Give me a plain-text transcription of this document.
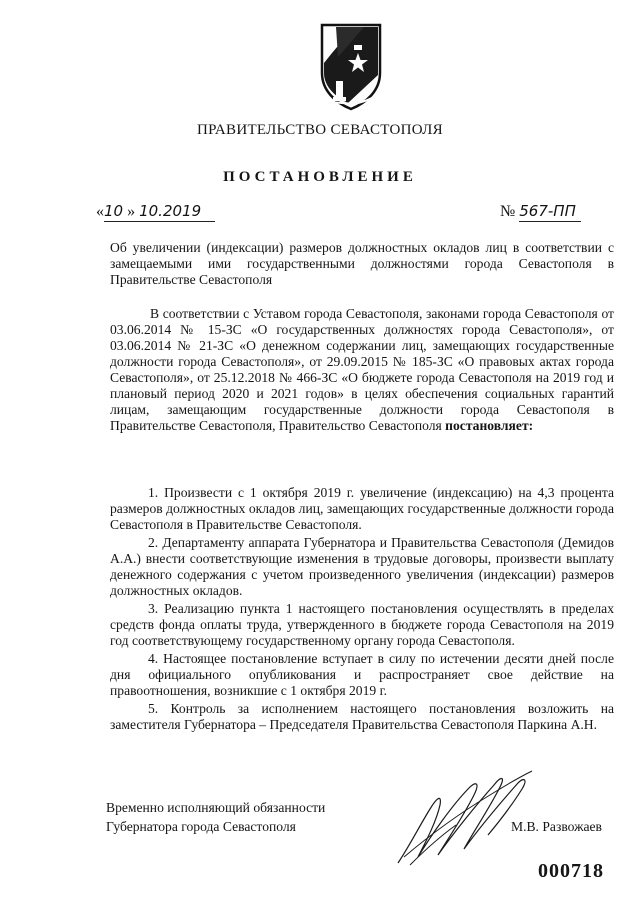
ПРАВИТЕЛЬСТВО СЕВАСТОПОЛЯ
ПОСТАНОВЛЕНИЕ
«10 » 10.2019	№ 567-ПП
Об увеличении (индексации) размеров должностных окладов лиц в соответствии с замещаемыми ими государственными должностями города Севастополя в Правительстве Севастополя

В соответствии с Уставом города Севастополя, законами города Севастополя от 03.06.2014 № 15-ЗС «О государственных должностях города Севастополя», от 03.06.2014 № 21-ЗС «О денежном содержании лиц, замещающих государственные должности города Севастополя», от 29.09.2015 № 185-ЗС «О правовых актах города Севастополя», от 25.12.2018 № 466-ЗС «О бюджете города Севастополя на 2019 год и плановый период 2020 и 2021 годов» в целях обеспечения социальных гарантий лицам, замещающим государственные должности города Севастополя в Правительстве Севастополя, Правительство Севастополя постановляет:

1. Произвести с 1 октября 2019 г. увеличение (индексацию) на 4,3 процента размеров должностных окладов лиц, замещающих государственные должности города Севастополя в Правительстве Севастополя.

2. Департаменту аппарата Губернатора и Правительства Севастополя (Демидов А.А.) внести соответствующие изменения в трудовые договоры, произвести выплату денежного содержания с учетом произведенного увеличения (индексации) размеров должностных окладов.

3. Реализацию пункта 1 настоящего постановления осуществлять в пределах средств фонда оплаты труда, утвержденного в бюджете города Севастополя на 2019 год соответствующему государственному органу города Севастополя.

4. Настоящее постановление вступает в силу по истечении десяти дней после дня официального опубликования и распространяет свое действие на правоотношения, возникшие с 1 октября 2019 г.

5. Контроль за исполнением настоящего постановления возложить на заместителя Губернатора – Председателя Правительства Севастополя Паркина А.Н.

Временно исполняющий обязанности
Губернатора города Севастополя	М.В. Развожаев
000718
